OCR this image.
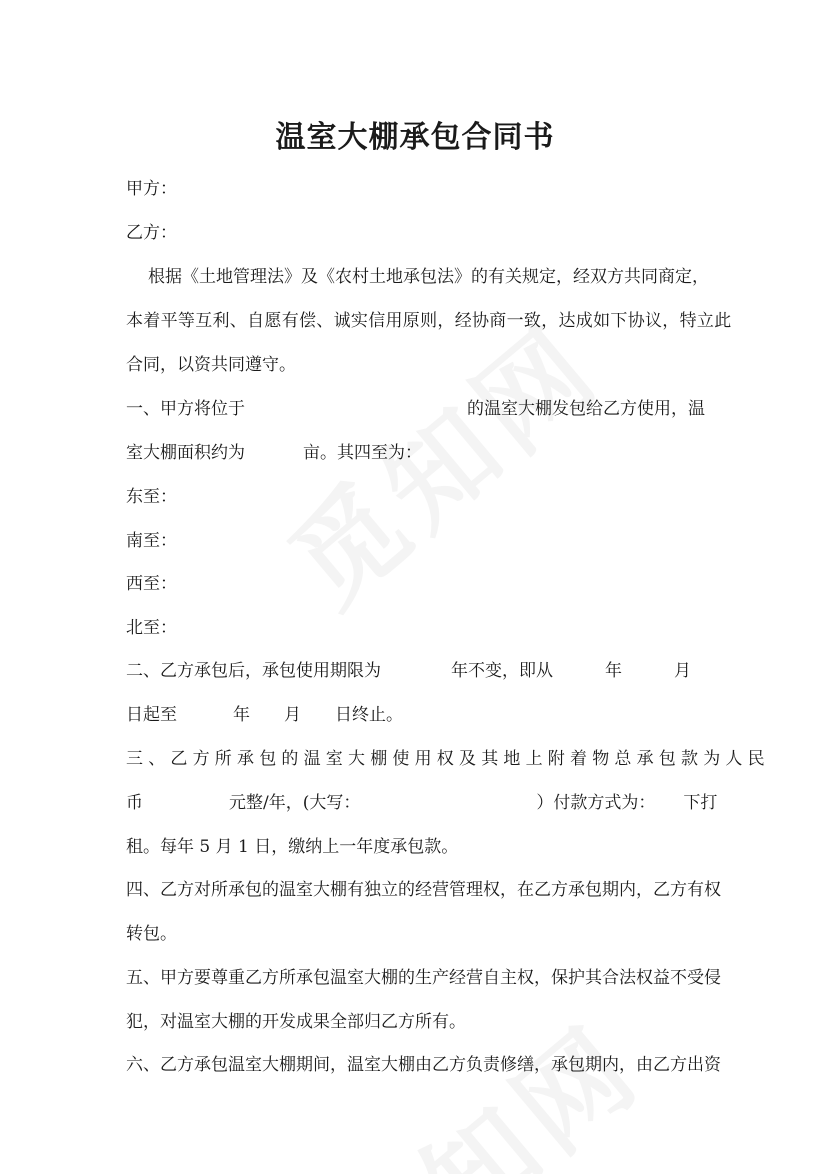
温室大棚承包合同书
甲方：
乙方：
根据《土地管理法》及《农村土地承包法》的有关规定，经双方共同商定，
本着平等互利、自愿有偿、诚实信用原则，经协商一致，达成如下协议，特立此
合同，以资共同遵守。
一、甲方将位于	的温室大棚发包给乙方使用，温
室大棚面积约为	亩。其四至为：
东至：
南至：
西至：
北至：
二、乙方承包后，承包使用期限为	年不变，即从	年	月
日起至	年 月 日终止。
三、乙方所承包的温室大棚使用权及其地上附着物总承包款为人民
币	元整/年，(大写：	）付款方式为： 下打
租。每年 5 月 1 日，缴纳上一年度承包款。
四、乙方对所承包的温室大棚有独立的经营管理权，在乙方承包期内，乙方有权
转包。
五、甲方要尊重乙方所承包温室大棚的生产经营自主权，保护其合法权益不受侵
犯，对温室大棚的开发成果全部归乙方所有。
六、乙方承包温室大棚期间，温室大棚由乙方负责修缮，承包期内，由乙方出资
